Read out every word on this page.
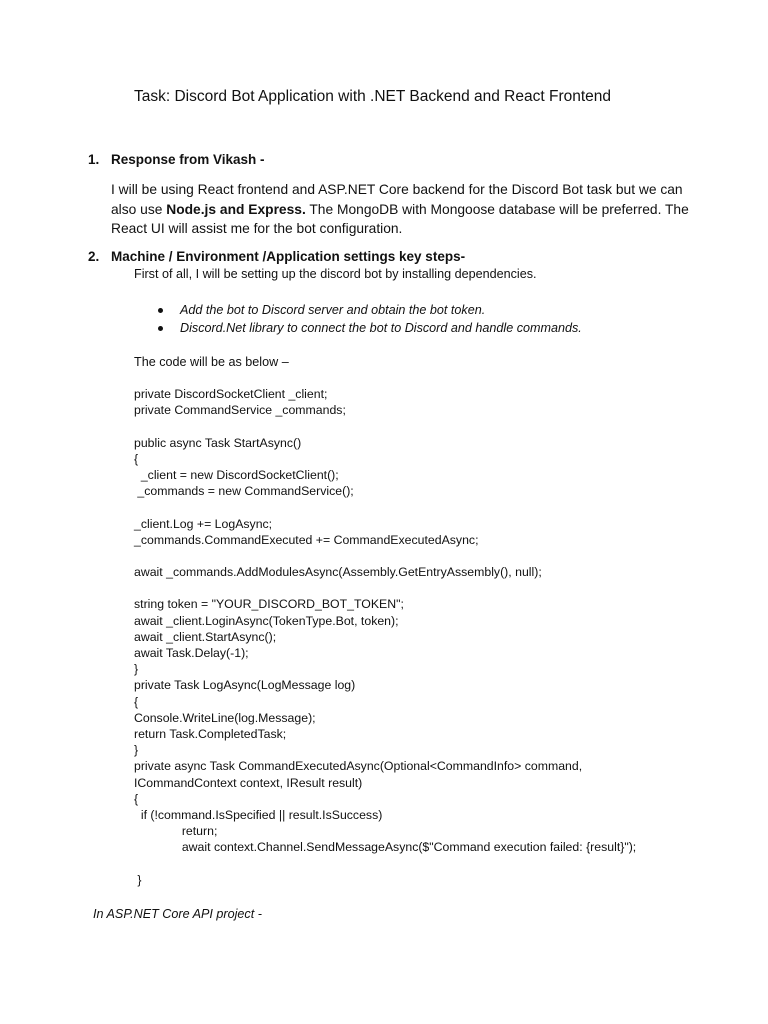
Task: Discord Bot Application with .NET Backend and React Frontend
1. Response from Vikash -
I will be using React frontend and ASP.NET Core backend for the Discord Bot task but we can also use Node.js and Express. The MongoDB with Mongoose database will be preferred. The React UI will assist me for the bot configuration.
2. Machine / Environment /Application settings key steps-
First of all, I will be setting up the discord bot by installing dependencies.
Add the bot to Discord server and obtain the bot token.
Discord.Net library to connect the bot to Discord and handle commands.
The code will be as below –
private DiscordSocketClient _client;
private CommandService _commands;
public async Task StartAsync()
{
_client = new DiscordSocketClient();
_commands = new CommandService();
_client.Log += LogAsync;
_commands.CommandExecuted += CommandExecutedAsync;
await _commands.AddModulesAsync(Assembly.GetEntryAssembly(), null);
string token = "YOUR_DISCORD_BOT_TOKEN";
await _client.LoginAsync(TokenType.Bot, token);
await _client.StartAsync();
await Task.Delay(-1);
}
private Task LogAsync(LogMessage log)
{
Console.WriteLine(log.Message);
return Task.CompletedTask;
}
private async Task CommandExecutedAsync(Optional<CommandInfo> command,
ICommandContext context, IResult result)
{
if (!command.IsSpecified || result.IsSuccess)
return;
await context.Channel.SendMessageAsync($"Command execution failed: {result}");
}
In ASP.NET Core API project -
